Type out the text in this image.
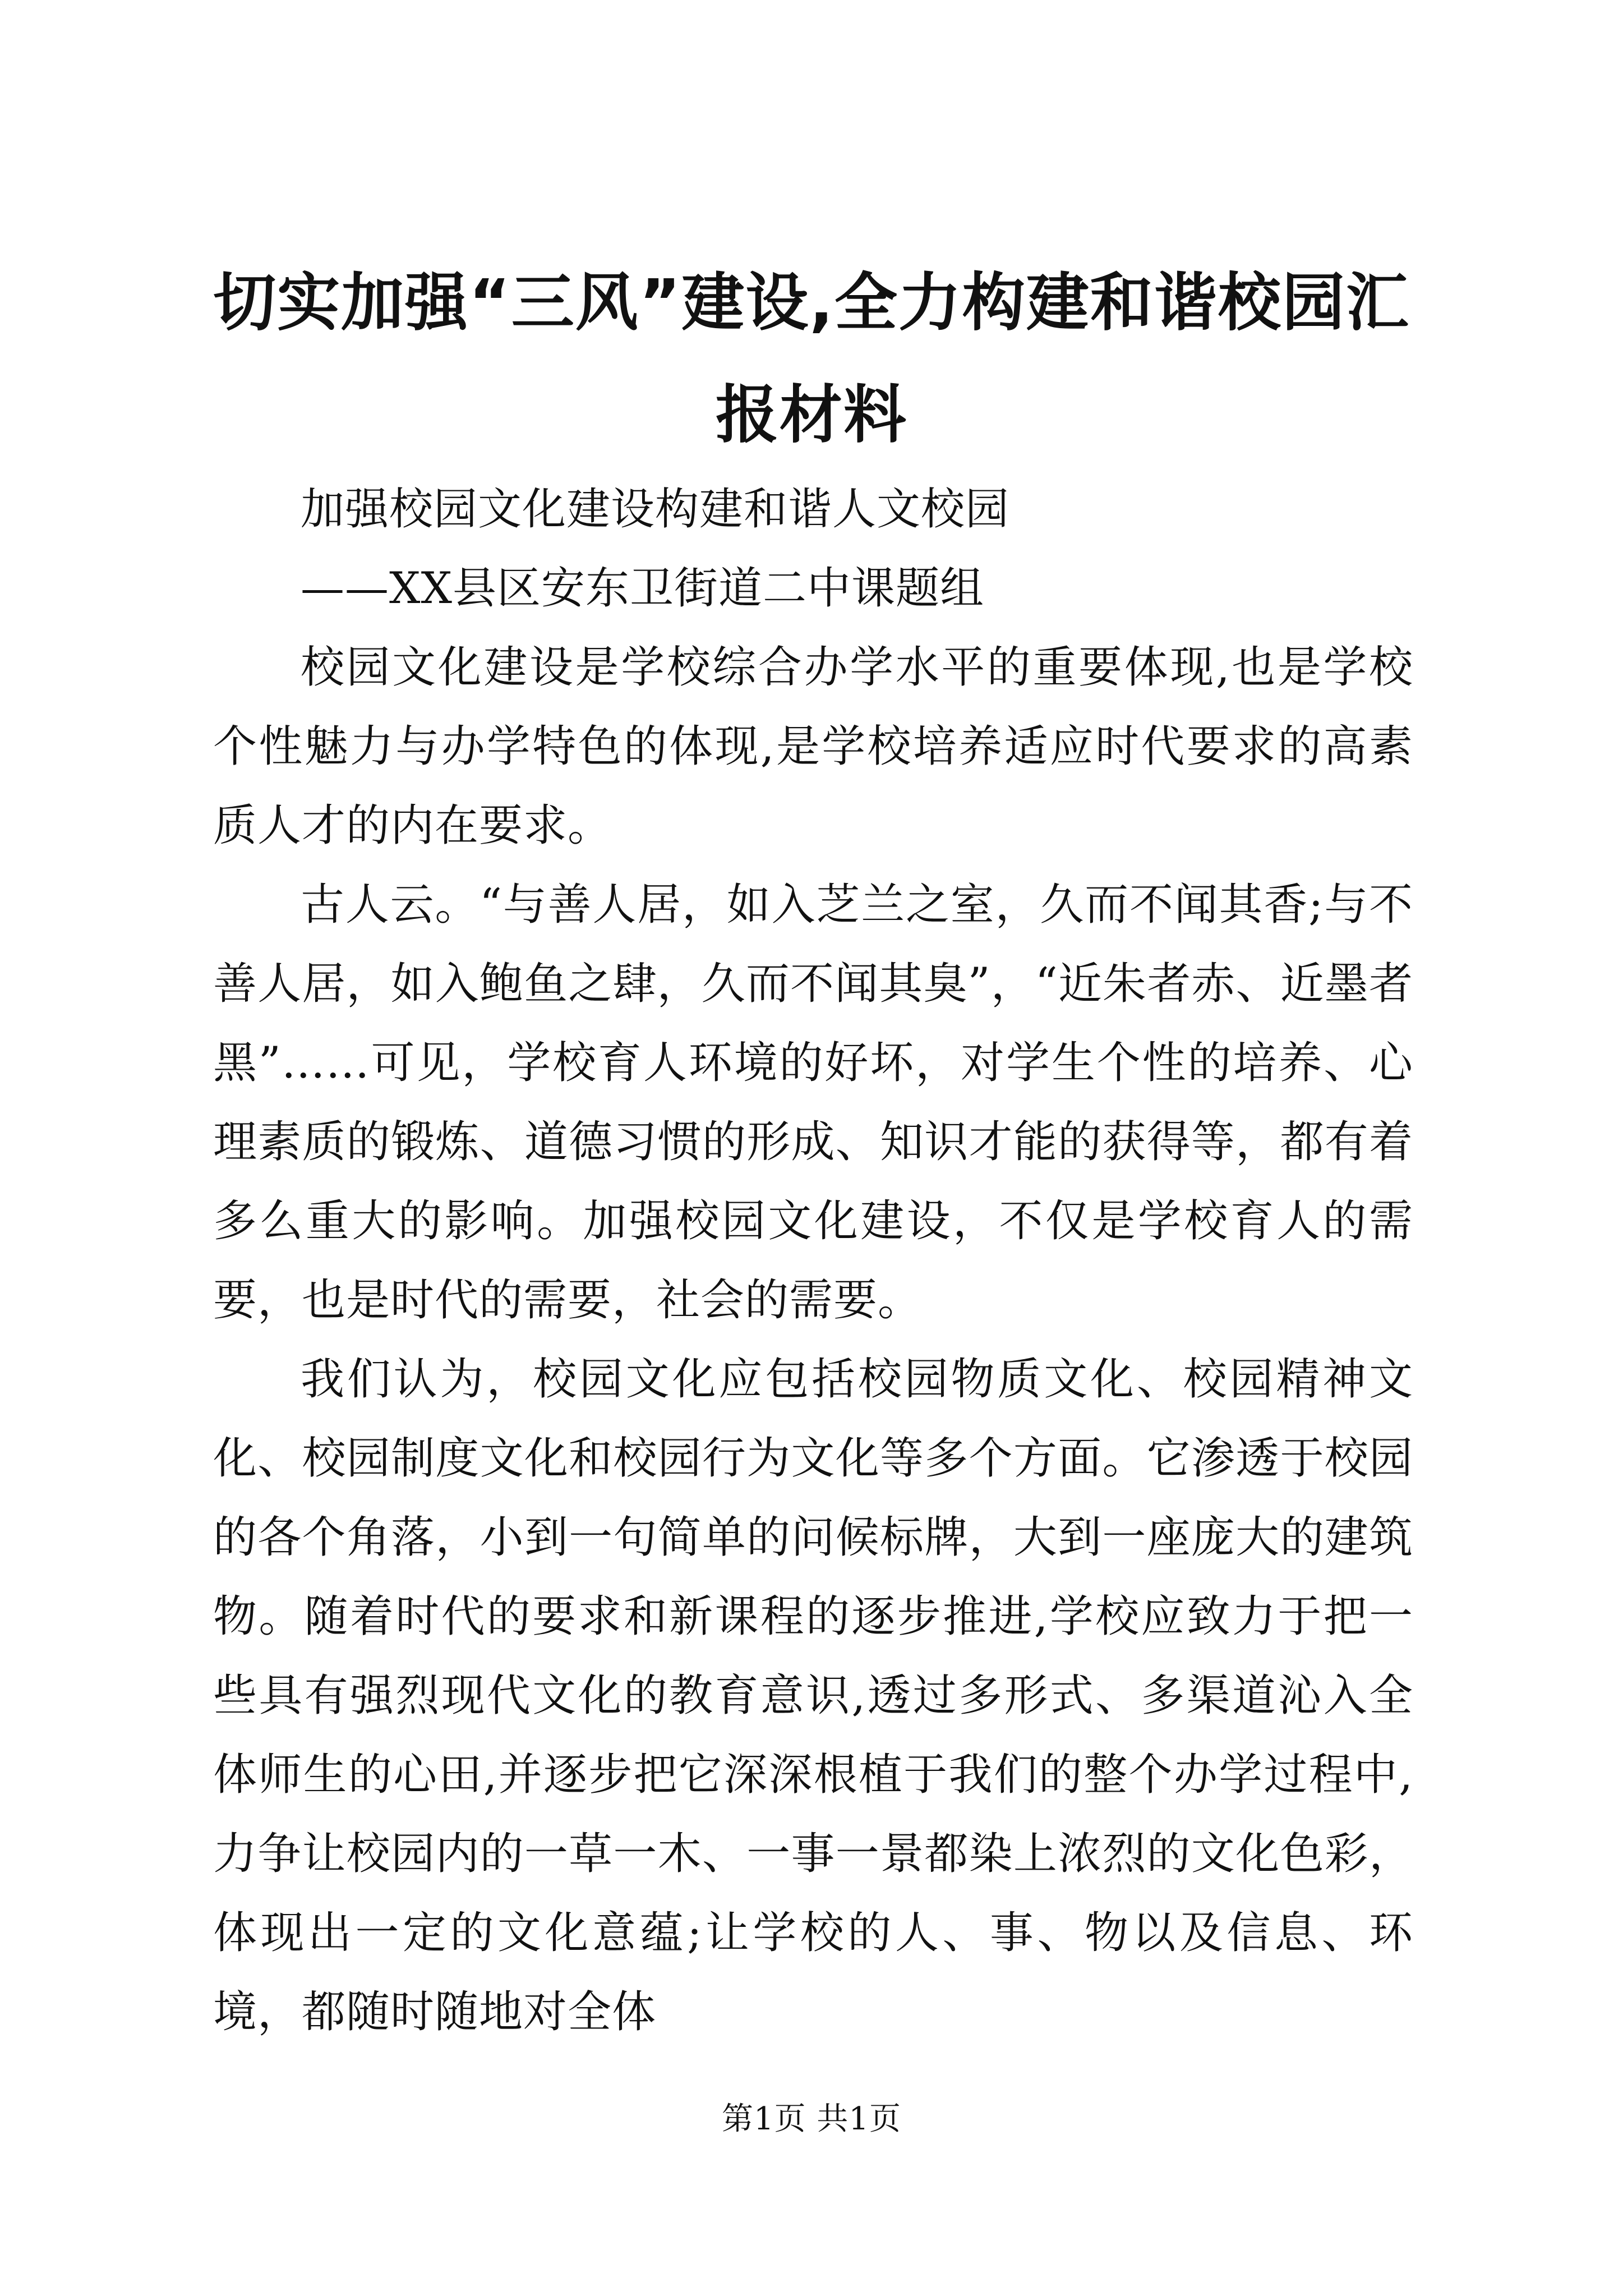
切实加强“三风”建设,全力构建和谐校园汇
报材料

加强校园文化建设构建和谐人文校园

——XX县区安东卫街道二中课题组

校园文化建设是学校综合办学水平的重要体现,也是学校个性魅力与办学特色的体现,是学校培养适应时代要求的高素质人才的内在要求。

古人云。“与善人居，如入芝兰之室，久而不闻其香;与不善人居，如入鲍鱼之肆，久而不闻其臭”，“近朱者赤、近墨者黑”……可见，学校育人环境的好坏，对学生个性的培养、心理素质的锻炼、道德习惯的形成、知识才能的获得等，都有着多么重大的影响。加强校园文化建设，不仅是学校育人的需要，也是时代的需要，社会的需要。

我们认为，校园文化应包括校园物质文化、校园精神文化、校园制度文化和校园行为文化等多个方面。它渗透于校园的各个角落，小到一句简单的问候标牌，大到一座庞大的建筑物。随着时代的要求和新课程的逐步推进,学校应致力于把一些具有强烈现代文化的教育意识,透过多形式、多渠道沁入全体师生的心田,并逐步把它深深根植于我们的整个办学过程中,力争让校园内的一草一木、一事一景都染上浓烈的文化色彩，体现出一定的文化意蕴;让学校的人、事、物以及信息、环境，都随时随地对全体

第1页 共1页
